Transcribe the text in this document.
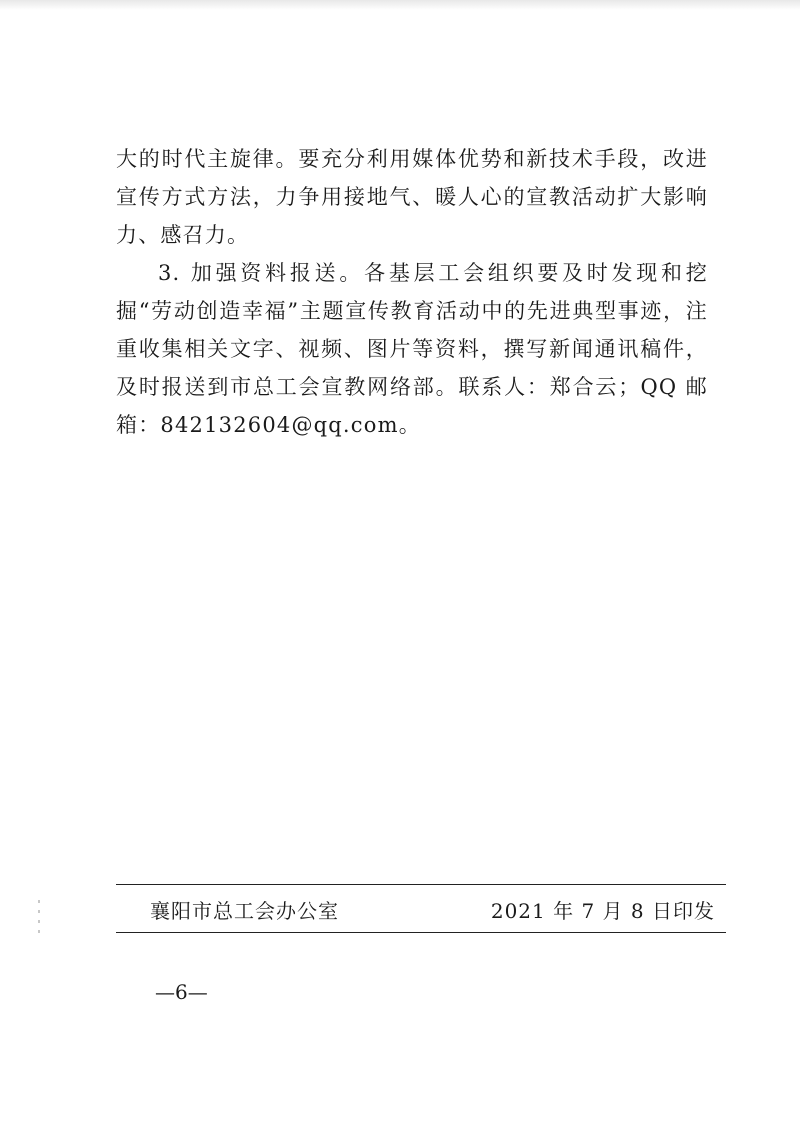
大的时代主旋律。要充分利用媒体优势和新技术手段，改进宣传方式方法，力争用接地气、暖人心的宣教活动扩大影响力、感召力。

3. 加强资料报送。各基层工会组织要及时发现和挖掘“劳动创造幸福”主题宣传教育活动中的先进典型事迹，注重收集相关文字、视频、图片等资料，撰写新闻通讯稿件，及时报送到市总工会宣教网络部。联系人：郑合云；QQ 邮箱：842132604@qq.com。

襄阳市总工会办公室	2021 年 7 月 8 日印发
—6—
